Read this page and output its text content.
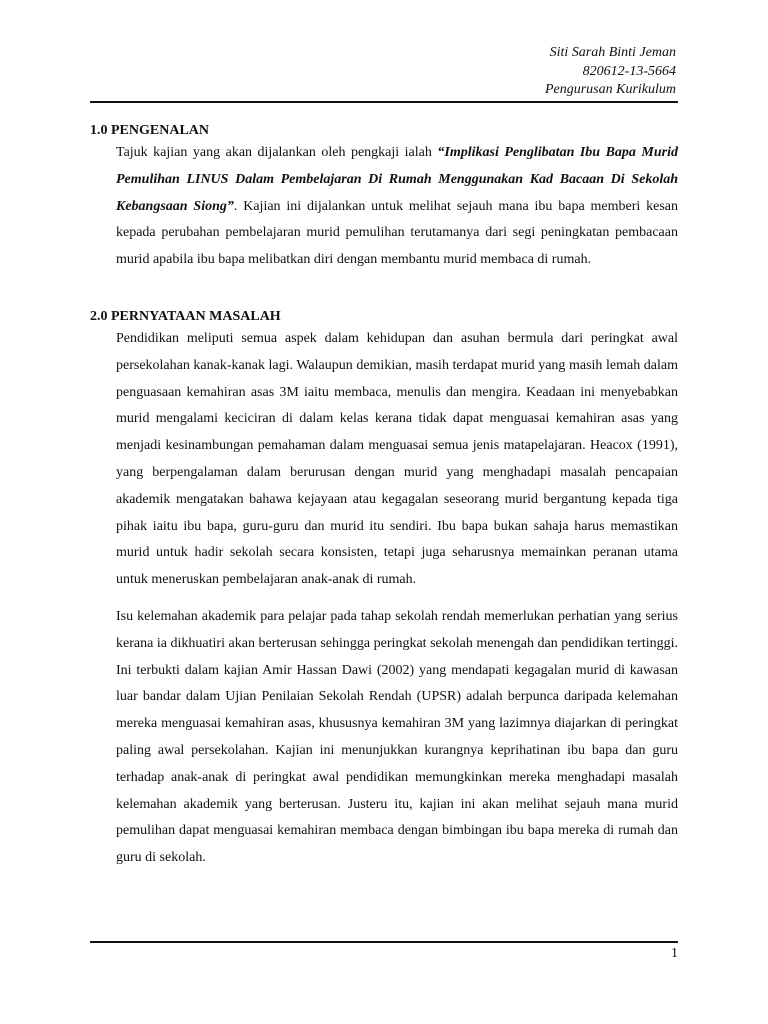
Siti Sarah Binti Jeman
820612-13-5664
Pengurusan Kurikulum
1.0 PENGENALAN

Tajuk kajian yang akan dijalankan oleh pengkaji ialah “Implikasi Penglibatan Ibu Bapa Murid Pemulihan LINUS Dalam Pembelajaran Di Rumah Menggunakan Kad Bacaan Di Sekolah Kebangsaan Siong”. Kajian ini dijalankan untuk melihat sejauh mana ibu bapa memberi kesan kepada perubahan pembelajaran murid pemulihan terutamanya dari segi peningkatan pembacaan murid apabila ibu bapa melibatkan diri dengan membantu murid membaca di rumah.

2.0 PERNYATAAN MASALAH

Pendidikan meliputi semua aspek dalam kehidupan dan asuhan bermula dari peringkat awal persekolahan kanak-kanak lagi. Walaupun demikian, masih terdapat murid yang masih lemah dalam penguasaan kemahiran asas 3M iaitu membaca, menulis dan mengira. Keadaan ini menyebabkan murid mengalami keciciran di dalam kelas kerana tidak dapat menguasai kemahiran asas yang menjadi kesinambungan pemahaman dalam menguasai semua jenis matapelajaran. Heacox (1991), yang berpengalaman dalam berurusan dengan murid yang menghadapi masalah pencapaian akademik mengatakan bahawa kejayaan atau kegagalan seseorang murid bergantung kepada tiga pihak iaitu ibu bapa, guru-guru dan murid itu sendiri. Ibu bapa bukan sahaja harus memastikan murid untuk hadir sekolah secara konsisten, tetapi juga seharusnya memainkan peranan utama untuk meneruskan pembelajaran anak-anak di rumah.

Isu kelemahan akademik para pelajar pada tahap sekolah rendah memerlukan perhatian yang serius kerana ia dikhuatiri akan berterusan sehingga peringkat sekolah menengah dan pendidikan tertinggi. Ini terbukti dalam kajian Amir Hassan Dawi (2002) yang mendapati kegagalan murid di kawasan luar bandar dalam Ujian Penilaian Sekolah Rendah (UPSR) adalah berpunca daripada kelemahan mereka menguasai kemahiran asas, khususnya kemahiran 3M yang lazimnya diajarkan di peringkat paling awal persekolahan. Kajian ini menunjukkan kurangnya keprihatinan ibu bapa dan guru terhadap anak-anak di peringkat awal pendidikan memungkinkan mereka menghadapi masalah kelemahan akademik yang berterusan. Justeru itu, kajian ini akan melihat sejauh mana murid pemulihan dapat menguasai kemahiran membaca dengan bimbingan ibu bapa mereka di rumah dan guru di sekolah.

1
